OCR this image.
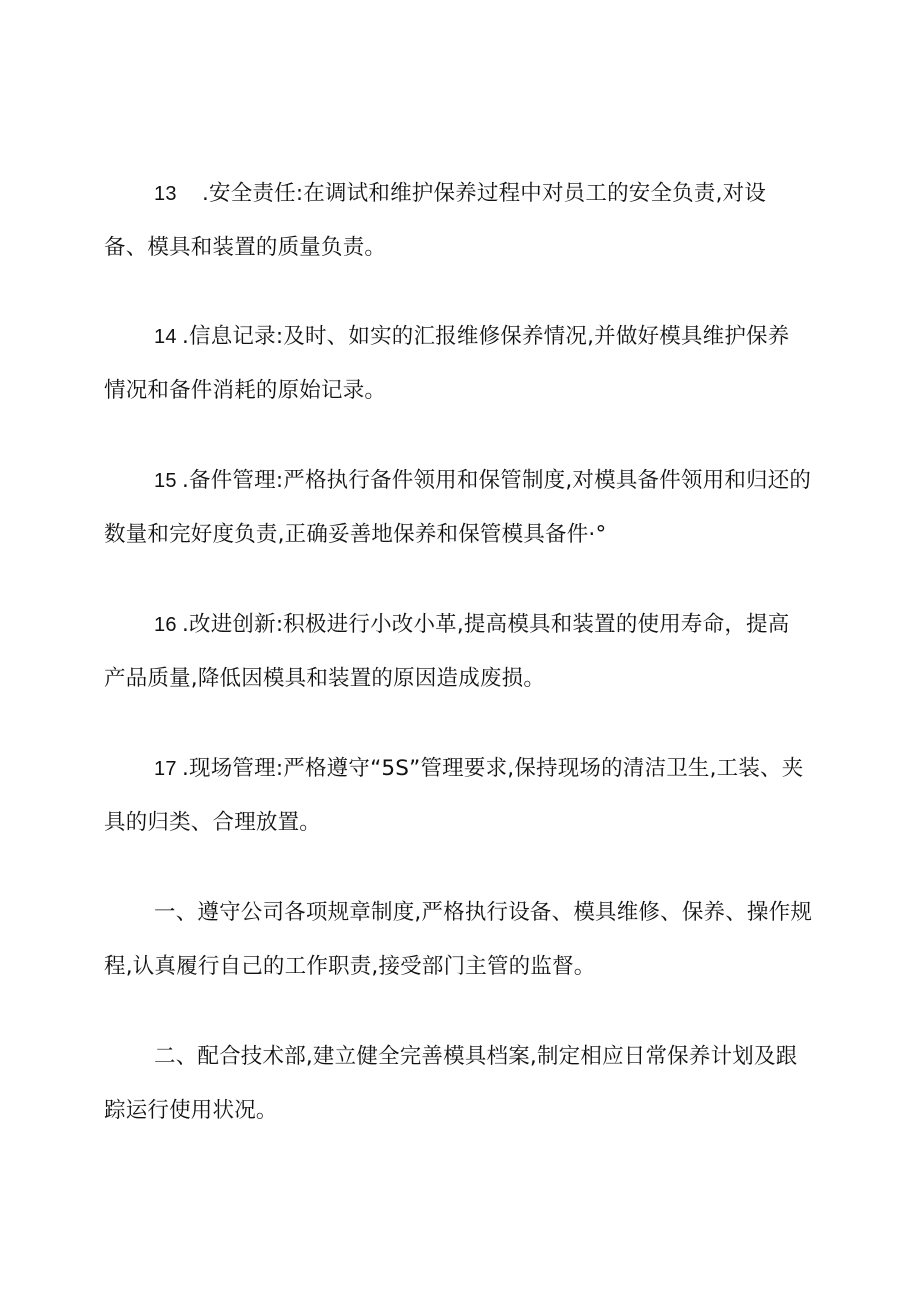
13 .安全责任:在调试和维护保养过程中对员工的安全负责,对设
备、模具和装置的质量负责。
14 .信息记录:及时、如实的汇报维修保养情况,并做好模具维护保养
情况和备件消耗的原始记录。
15 .备件管理:严格执行备件领用和保管制度,对模具备件领用和归还的
数量和完好度负责,正确妥善地保养和保管模具备件·°
16 .改进创新:积极进行小改小革,提高模具和装置的使用寿命，提高
产品质量,降低因模具和装置的原因造成废损。
17 .现场管理:严格遵守“5S”管理要求,保持现场的清洁卫生,工装、夹
具的归类、合理放置。
一、遵守公司各项规章制度,严格执行设备、模具维修、保养、操作规
程,认真履行自己的工作职责,接受部门主管的监督。
二、配合技术部,建立健全完善模具档案,制定相应日常保养计划及跟
踪运行使用状况。
